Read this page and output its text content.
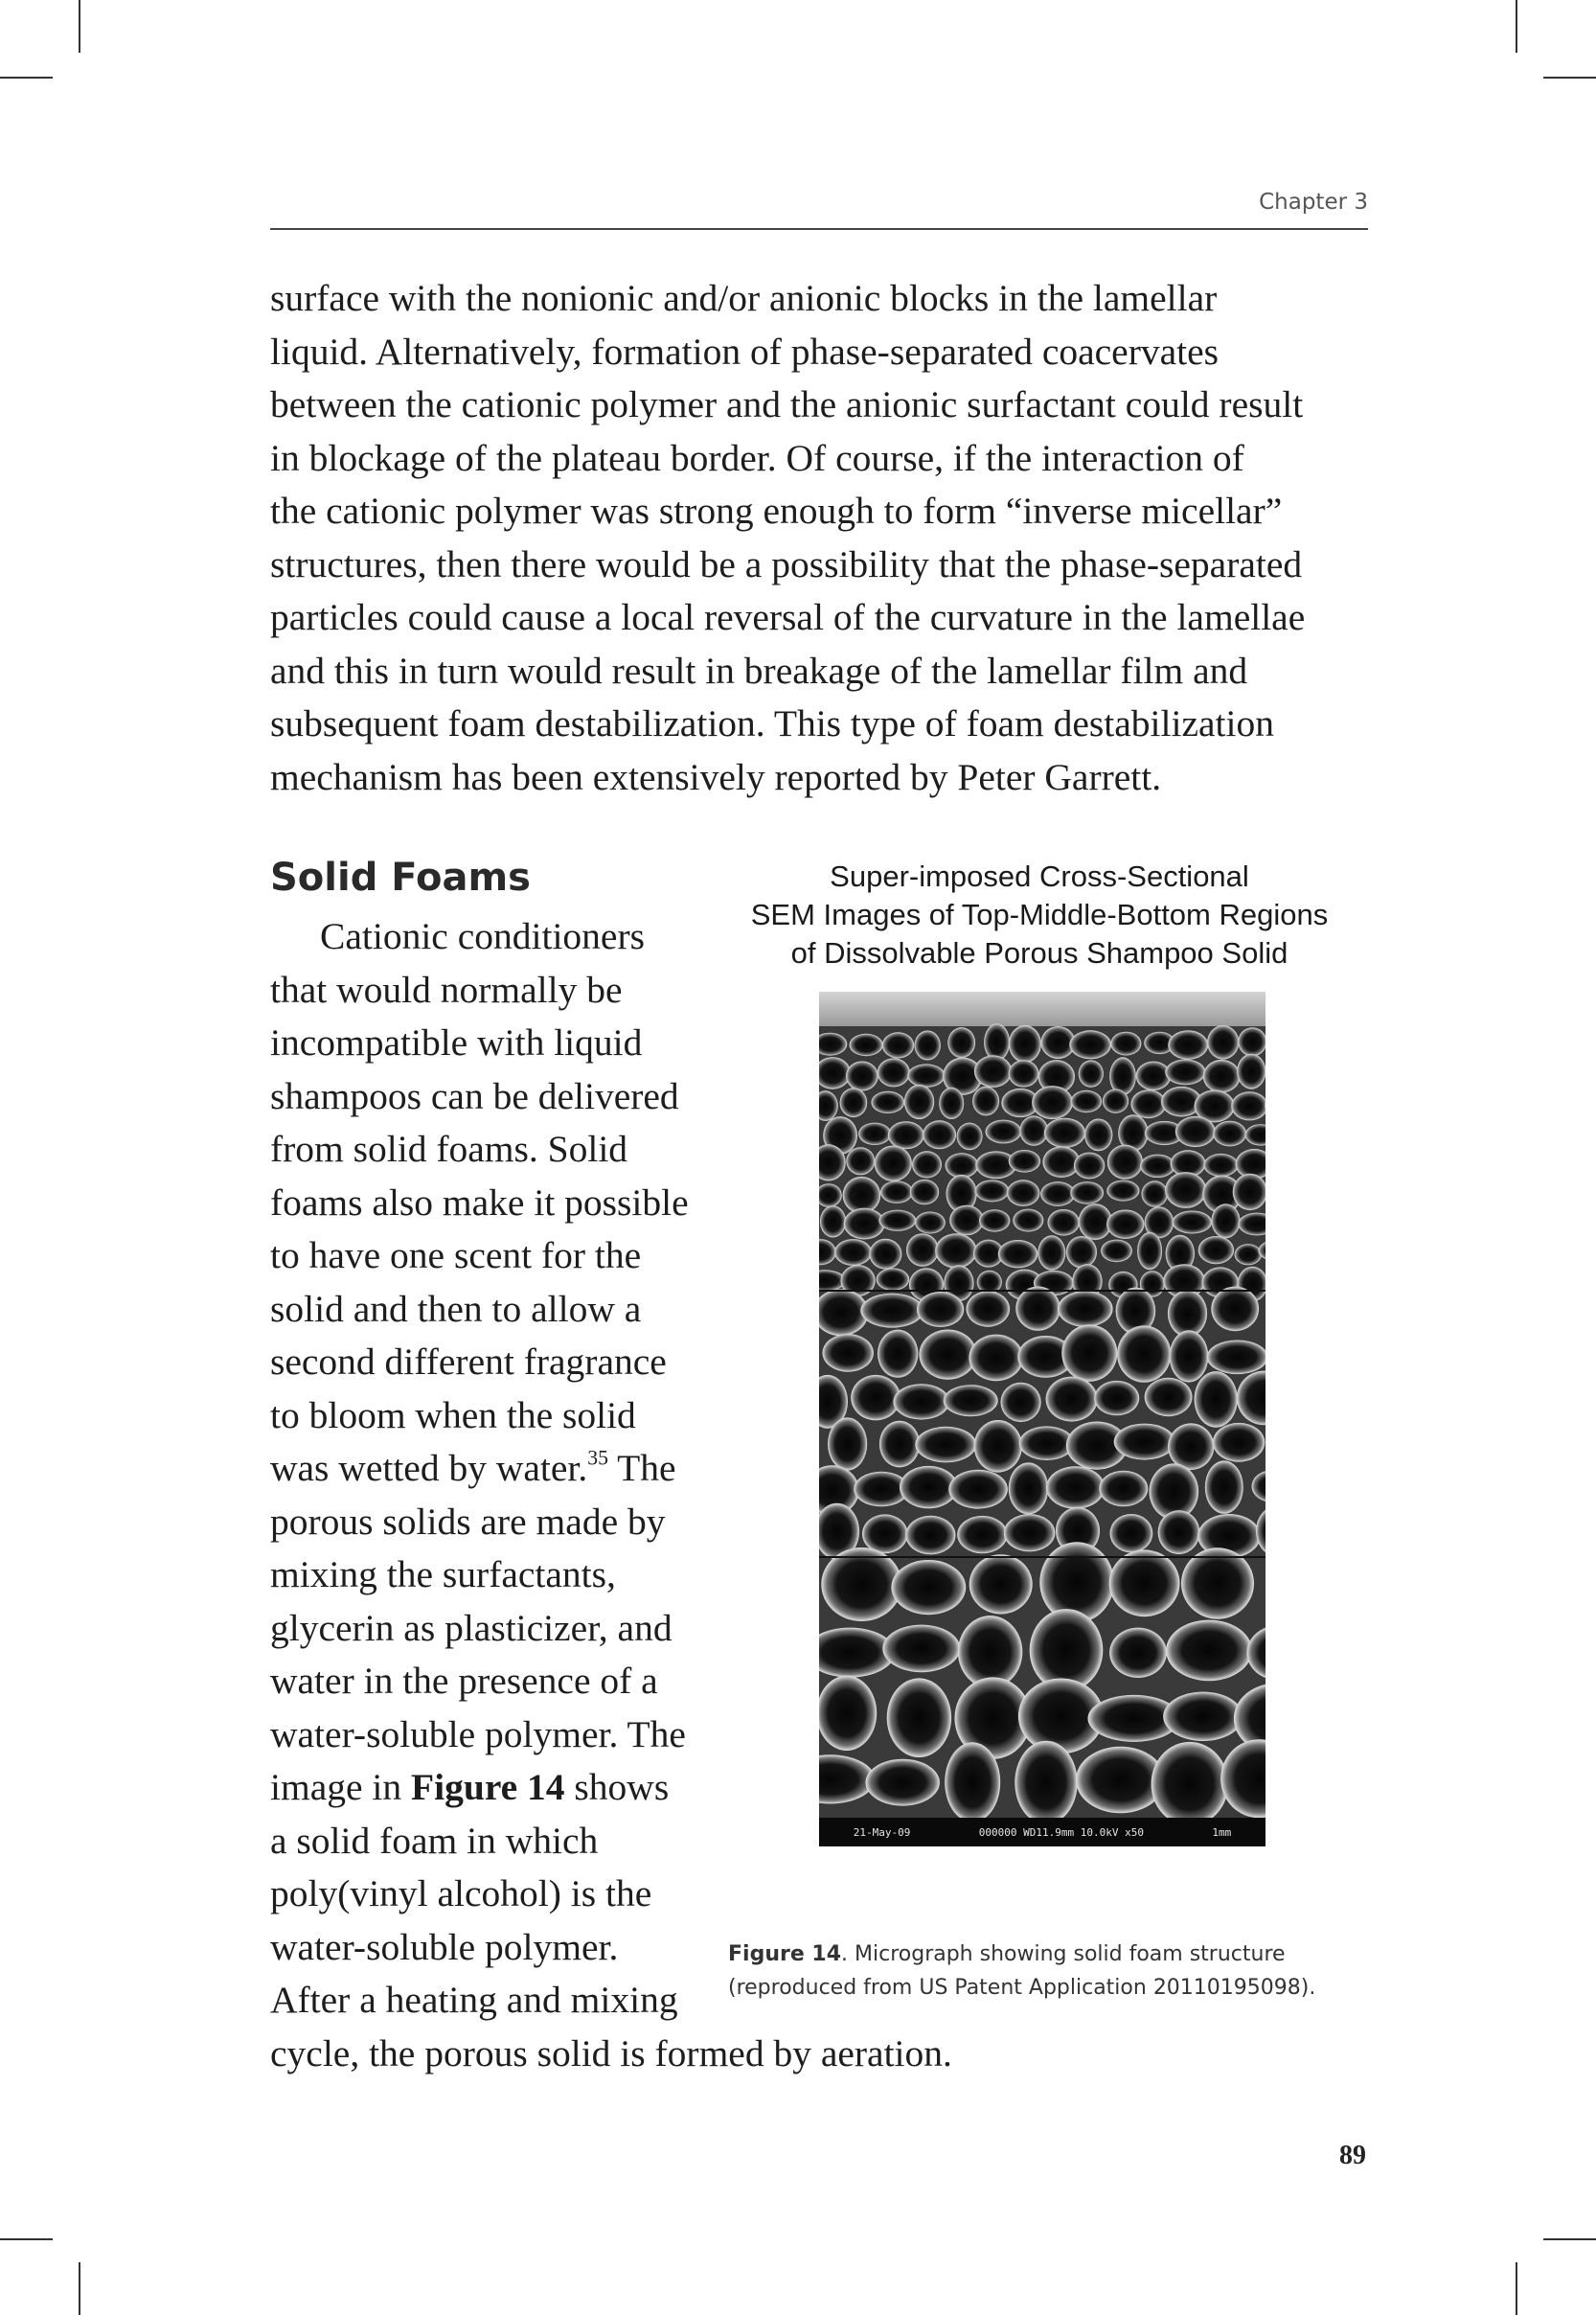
Chapter 3

surface with the nonionic and/or anionic blocks in the lamellar
liquid. Alternatively, formation of phase-separated coacervates
between the cationic polymer and the anionic surfactant could result
in blockage of the plateau border. Of course, if the interaction of
the cationic polymer was strong enough to form “inverse micellar”
structures, then there would be a possibility that the phase-separated
particles could cause a local reversal of the curvature in the lamellae
and this in turn would result in breakage of the lamellar film and
subsequent foam destabilization. This type of foam destabilization
mechanism has been extensively reported by Peter Garrett.

Solid Foams

Cationic conditioners
that would normally be
incompatible with liquid
shampoos can be delivered
from solid foams. Solid
foams also make it possible
to have one scent for the
solid and then to allow a
second different fragrance
to bloom when the solid
was wetted by water.$^{35}$ The
porous solids are made by
mixing the surfactants,
glycerin as plasticizer, and
water in the presence of a
water-soluble polymer. The
image in Figure 14 shows
a solid foam in which
poly(vinyl alcohol) is the
water-soluble polymer.
After a heating and mixing

cycle, the porous solid is formed by aeration.

Super-imposed Cross-Sectional
SEM Images of Top-Middle-Bottom Regions
of Dissolvable Porous Shampoo Solid

21-May-09	000000 WD11.9mm 10.0kV x50	1mm

Figure 14. Micrograph showing solid foam structure
(reproduced from US Patent Application 20110195098).

89
